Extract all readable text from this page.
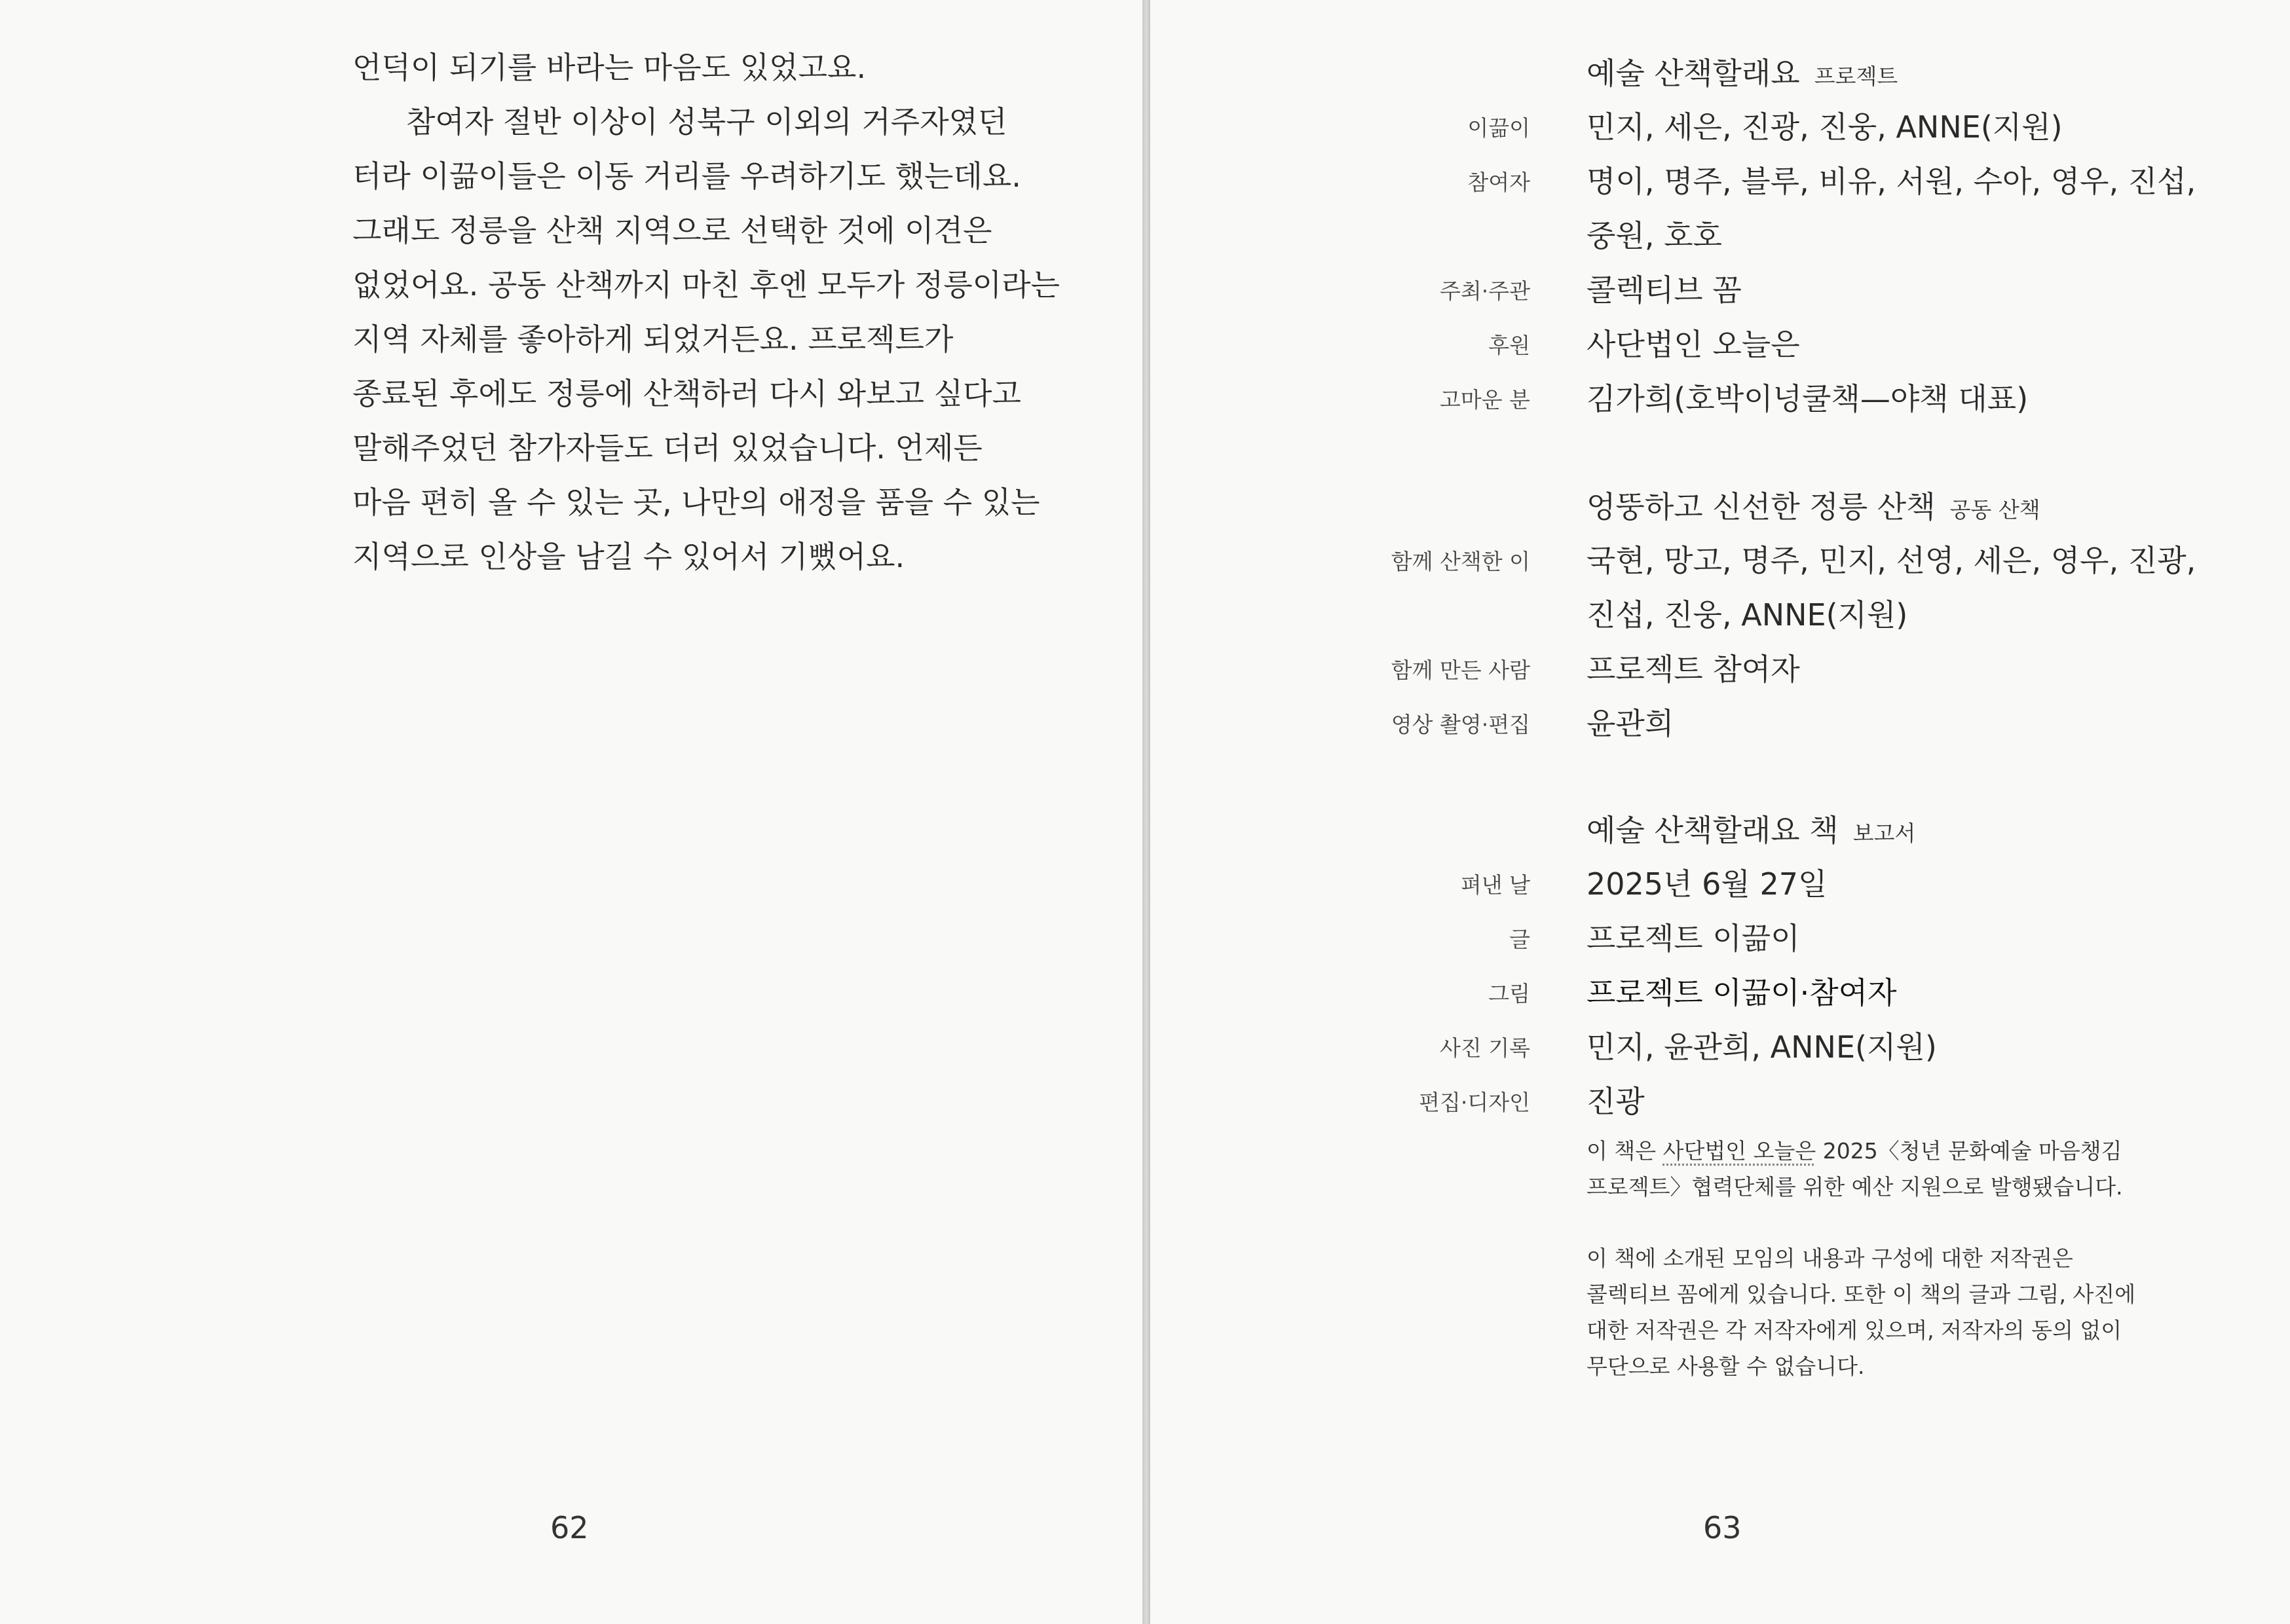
언덕이 되기를 바라는 마음도 있었고요.
참여자 절반 이상이 성북구 이외의 거주자였던
터라 이끎이들은 이동 거리를 우려하기도 했는데요.
그래도 정릉을 산책 지역으로 선택한 것에 이견은
없었어요. 공동 산책까지 마친 후엔 모두가 정릉이라는
지역 자체를 좋아하게 되었거든요. 프로젝트가
종료된 후에도 정릉에 산책하러 다시 와보고 싶다고
말해주었던 참가자들도 더러 있었습니다. 언제든
마음 편히 올 수 있는 곳, 나만의 애정을 품을 수 있는
지역으로 인상을 남길 수 있어서 기뻤어요.
62
예술 산책할래요 프로젝트
이끎이 민지, 세은, 진광, 진웅, ANNE(지원)
참여자 명이, 명주, 블루, 비유, 서원, 수아, 영우, 진섭,
중원, 호호
주최·주관 콜렉티브 꼼
후원 사단법인 오늘은
고마운 분 김가희(호박이넝쿨책—야책 대표)
엉뚱하고 신선한 정릉 산책 공동 산책
함께 산책한 이 국현, 망고, 명주, 민지, 선영, 세은, 영우, 진광,
진섭, 진웅, ANNE(지원)
함께 만든 사람 프로젝트 참여자
영상 촬영·편집 윤관희
예술 산책할래요 책 보고서
펴낸 날 2025년 6월 27일
글 프로젝트 이끎이
그림 프로젝트 이끎이·참여자
사진 기록 민지, 윤관희, ANNE(지원)
편집·디자인 진광
이 책은 사단법인 오늘은 2025〈청년 문화예술 마음챙김
프로젝트〉협력단체를 위한 예산 지원으로 발행됐습니다.
이 책에 소개된 모임의 내용과 구성에 대한 저작권은
콜렉티브 꼼에게 있습니다. 또한 이 책의 글과 그림, 사진에
대한 저작권은 각 저작자에게 있으며, 저작자의 동의 없이
무단으로 사용할 수 없습니다.
63
